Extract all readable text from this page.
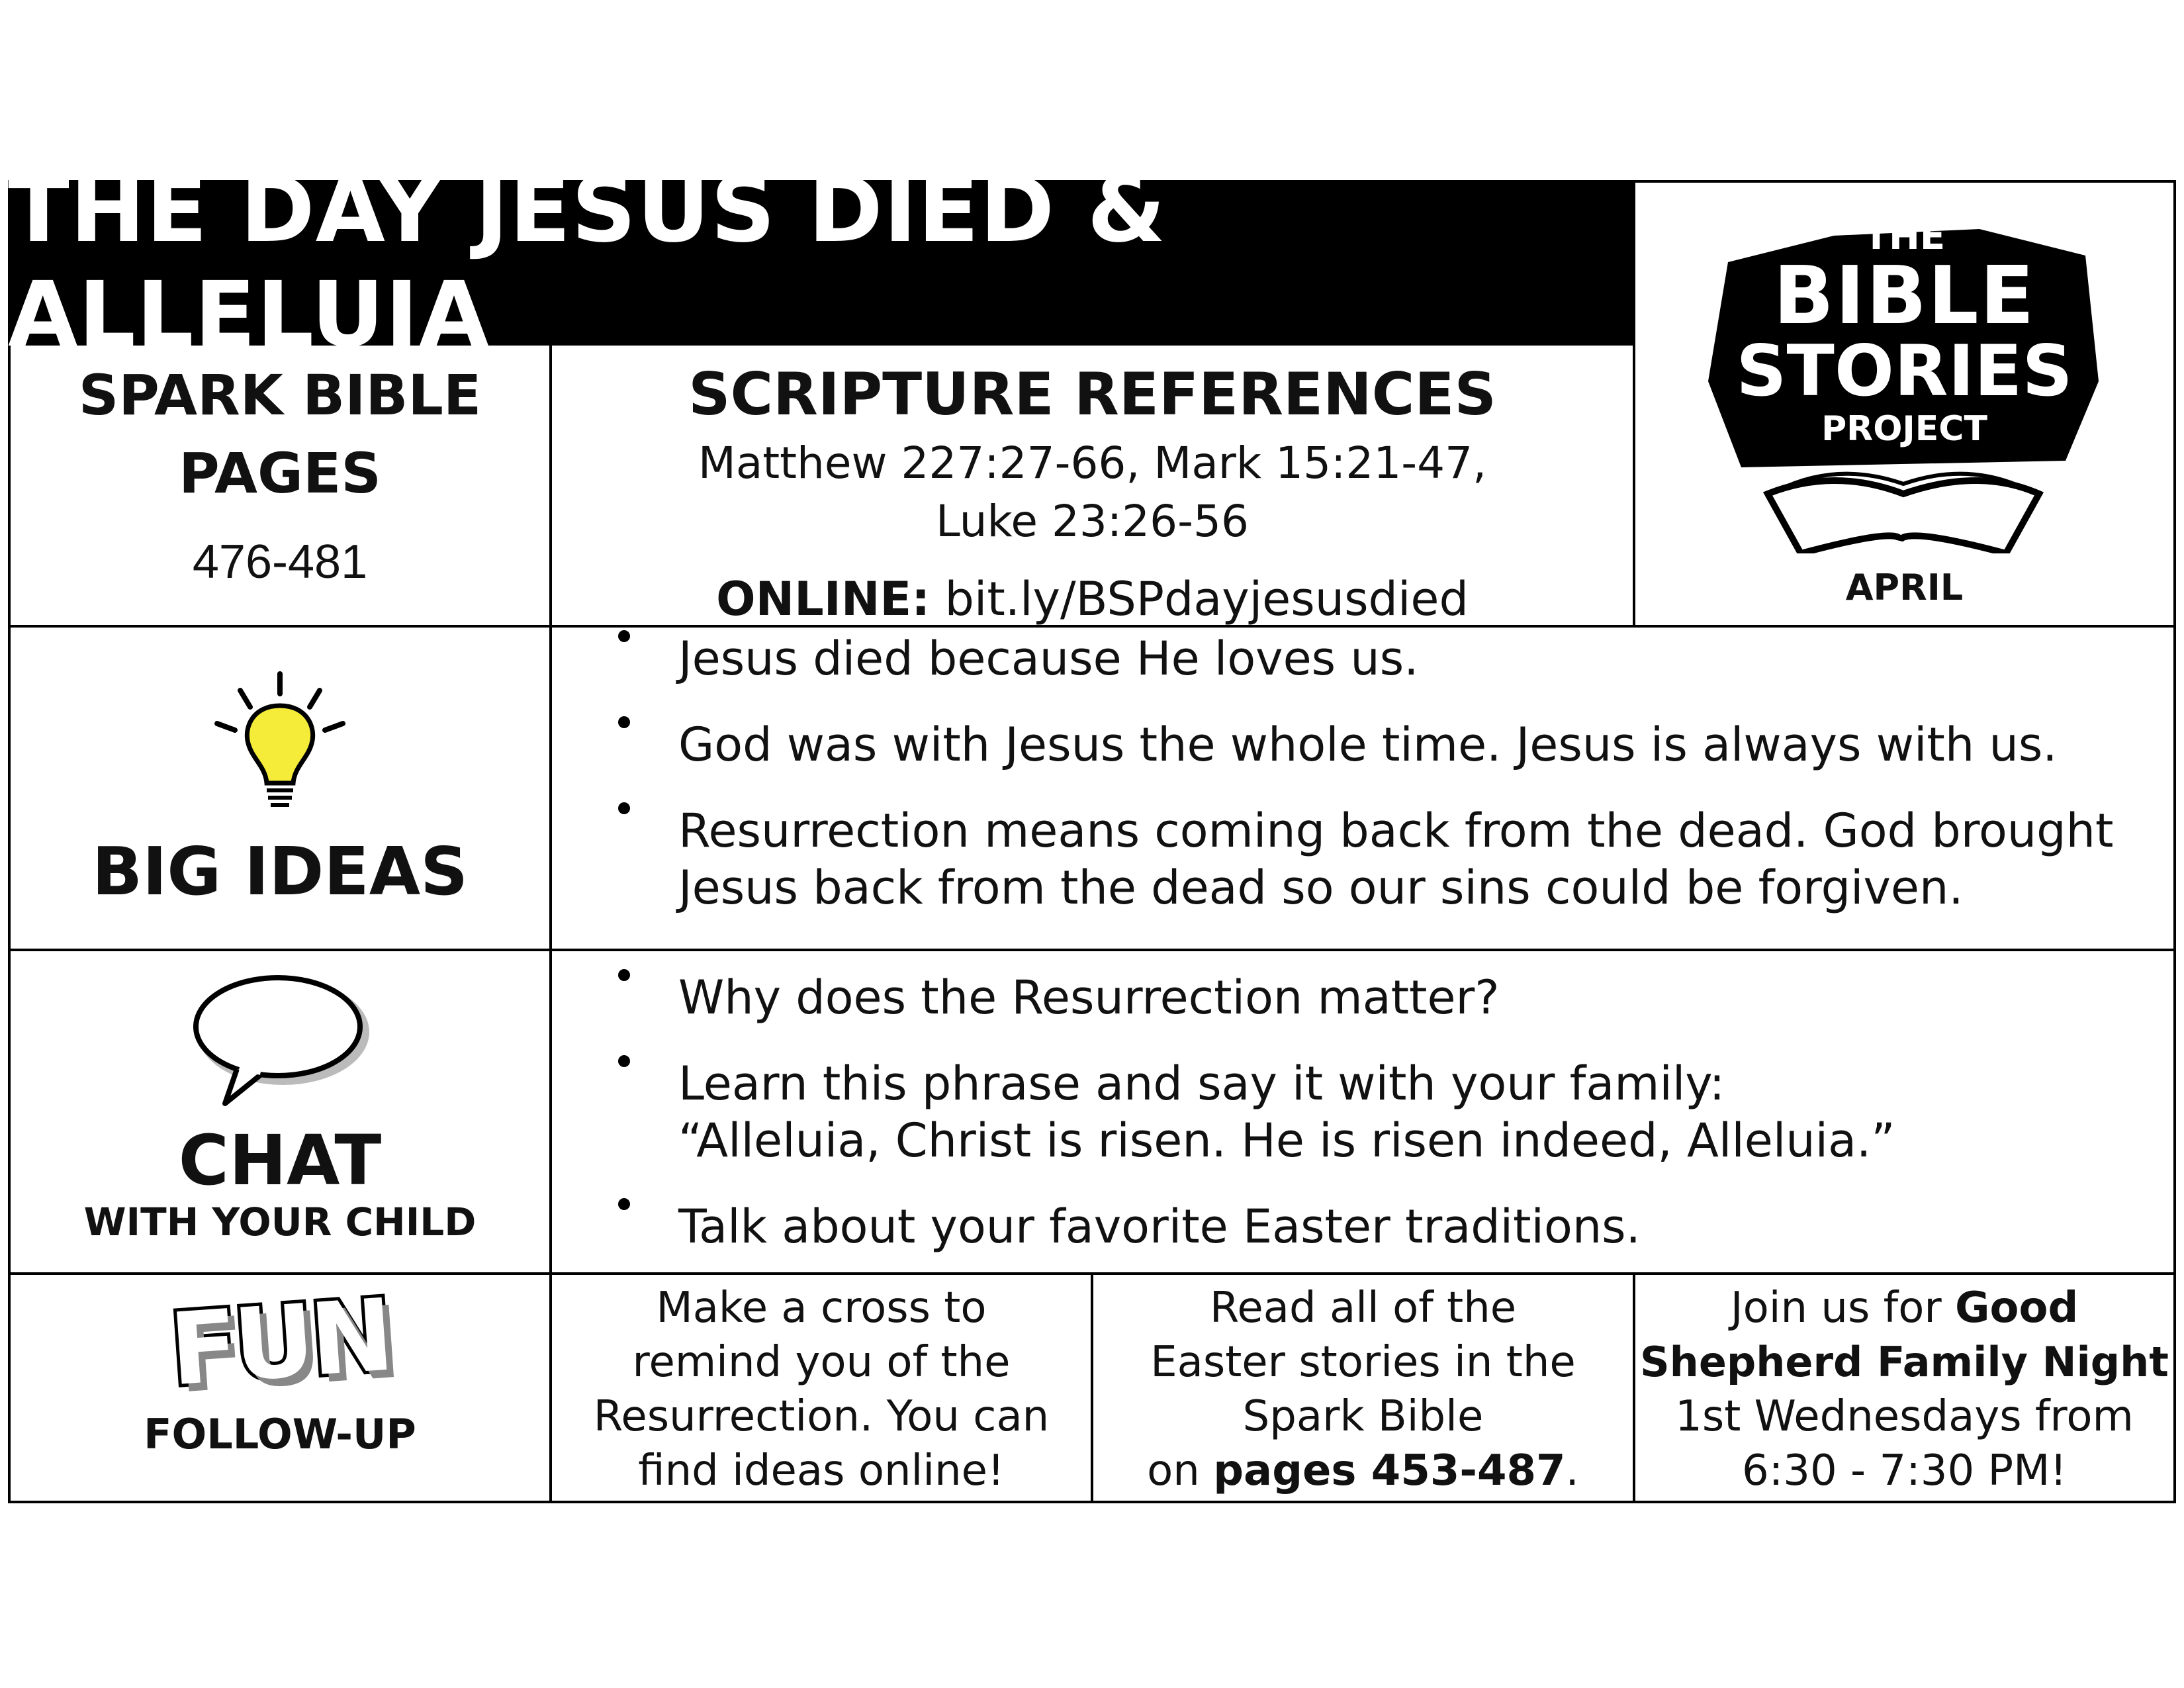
THE DAY JESUS DIED & ALLELUIA
SPARK BIBLE
PAGES
476-481
SCRIPTURE REFERENCES
Matthew 227:27-66, Mark 15:21-47,
Luke 23:26-56
ONLINE: bit.ly/BSPdayjesusdied
THE
BIBLE
STORIES
PROJECT
APRIL
BIG IDEAS
Jesus died because He loves us.
God was with Jesus the whole time. Jesus is always with us.
Resurrection means coming back from the dead. God brought Jesus back from the dead so our sins could be forgiven.
CHAT
WITH YOUR CHILD
Why does the Resurrection matter?
Learn this phrase and say it with your family:
“Alleluia, Christ is risen. He is risen indeed, Alleluia.”
Talk about your favorite Easter traditions.
FUN
FOLLOW-UP
Make a cross to
remind you of the
Resurrection. You can
find ideas online!
Read all of the
Easter stories in the
Spark Bible
on pages 453-487.
Join us for Good
Shepherd Family Night
1st Wednesdays from
6:30 - 7:30 PM!
